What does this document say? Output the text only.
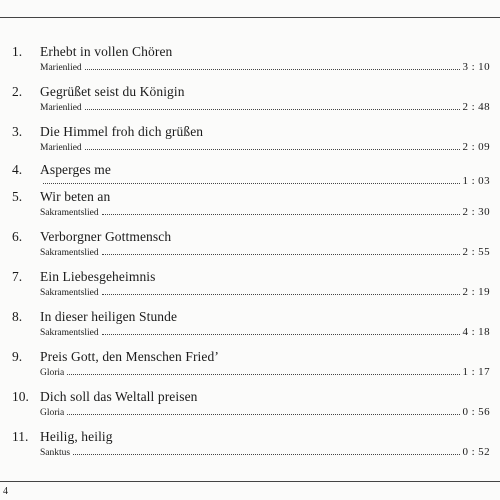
1. Erhebt in vollen Chören
Marienlied	3 : 10
2. Gegrüßet seist du Königin
Marienlied	2 : 48
3. Die Himmel froh dich grüßen
Marienlied	2 : 09
4. Asperges me
1 : 03
5. Wir beten an
Sakramentslied	2 : 30
6. Verborgner Gottmensch
Sakramentslied	2 : 55
7. Ein Liebesgeheimnis
Sakramentslied	2 : 19
8. In dieser heiligen Stunde
Sakramentslied	4 : 18
9. Preis Gott, den Menschen Fried’
Gloria	1 : 17
10. Dich soll das Weltall preisen
Gloria	0 : 56
11. Heilig, heilig
Sanktus	0 : 52
4
